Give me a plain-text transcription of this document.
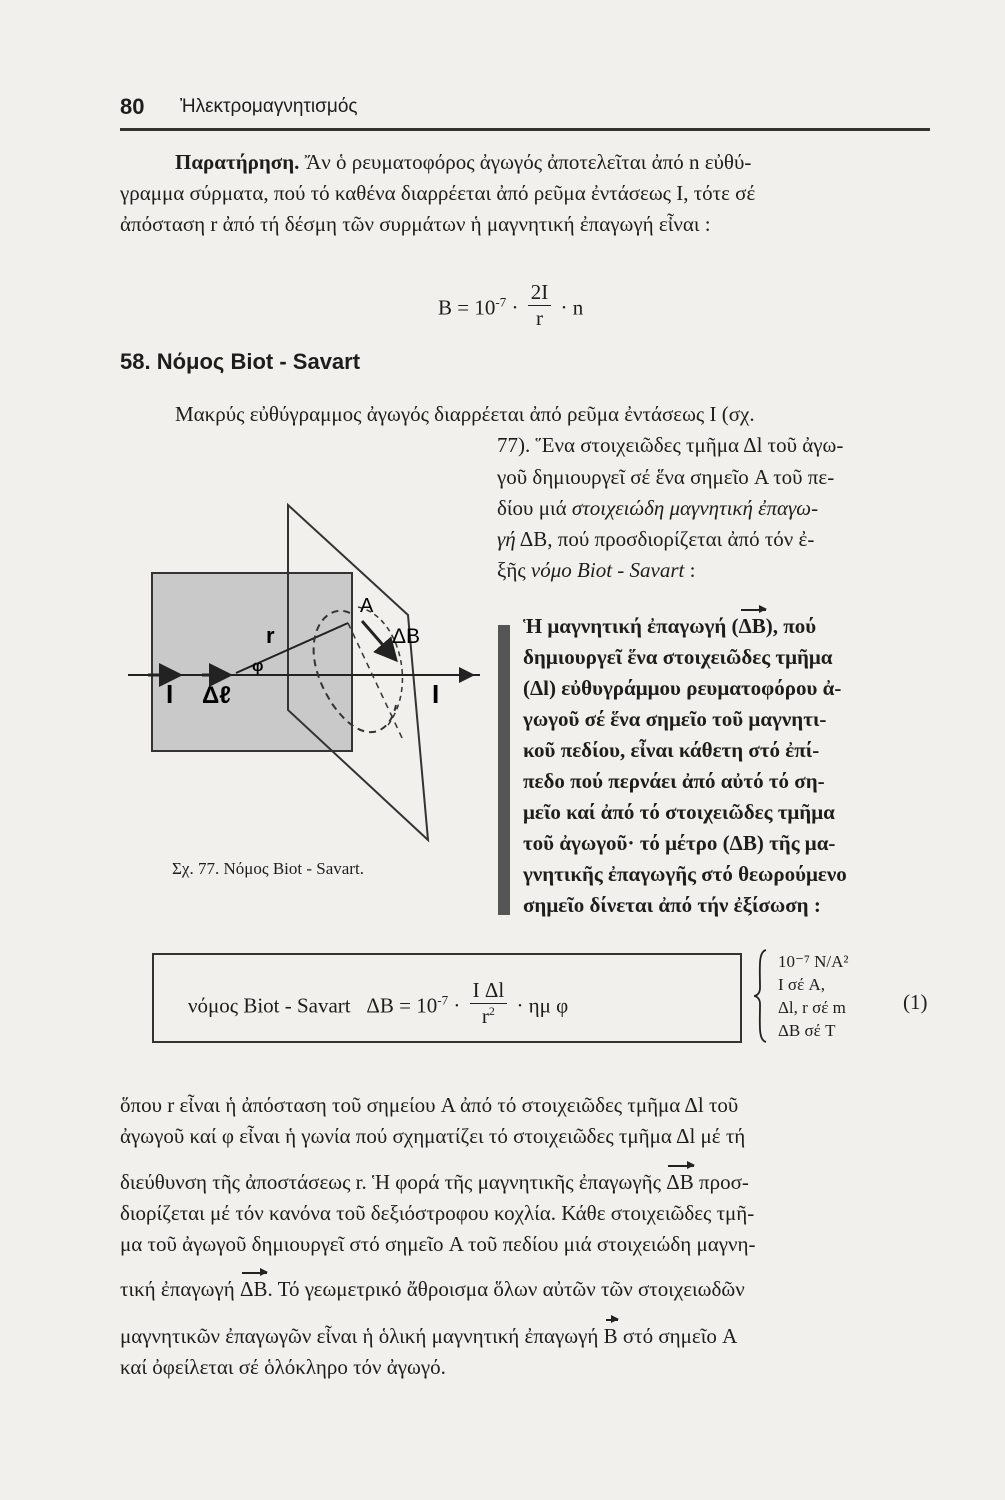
80 Ἠλεκτρομαγνητισμός
Παρατήρηση. Ἄν ὁ ρευματοφόρος ἀγωγός ἀποτελεῖται ἀπό n εὐθύ-
γραμμα σύρματα, πού τό καθένα διαρρέεται ἀπό ρεῦμα ἐντάσεως I, τότε σέ
ἀπόσταση r ἀπό τή δέσμη τῶν συρμάτων ἡ μαγνητική ἐπαγωγή εἶναι :
$B = 10^{-7} \cdot \frac{2I}{r} \cdot n$
58. Νόμος Biot - Savart
Μακρύς εὐθύγραμμος ἀγωγός διαρρέεται ἀπό ρεῦμα ἐντάσεως I (σχ.
77). Ἕνα στοιχειῶδες τμῆμα Δl τοῦ ἀγω-
γοῦ δημιουργεῖ σέ ἕνα σημεῖο A τοῦ πε-
δίου μιά στοιχειώδη μαγνητική ἐπαγω-
γή ΔB, πού προσδιορίζεται ἀπό τόν ἐ-
ξῆς νόμο Biot - Savart :
Ἡ μαγνητική ἐπαγωγή (ΔB), πού
δημιουργεῖ ἕνα στοιχειῶδες τμῆμα
(Δl) εὐθυγράμμου ρευματοφόρου ἀ-
γωγοῦ σέ ἕνα σημεῖο τοῦ μαγνητι-
κοῦ πεδίου, εἶναι κάθετη στό ἐπί-
πεδο πού περνάει ἀπό αὐτό τό ση-
μεῖο καί ἀπό τό στοιχειῶδες τμῆμα
τοῦ ἀγωγοῦ· τό μέτρο (ΔB) τῆς μα-
γνητικῆς ἐπαγωγῆς στό θεωρούμενο
σημεῖο δίνεται ἀπό τήν ἐξίσωση :
r
A
ΔB
φ
I Δℓ	I
Σχ. 77. Νόμος Biot - Savart.
νόμος Biot - Savart $\Delta B = 10^{-7} \cdot \frac{\text{I Δl}}{r^2} \cdot \eta\mu$ φ
10⁻⁷ N/A²
I σέ A,
Δl, r σέ m
ΔB σέ T
(1)
ὅπου r εἶναι ἡ ἀπόσταση τοῦ σημείου A ἀπό τό στοιχειῶδες τμῆμα Δl τοῦ
ἀγωγοῦ καί φ εἶναι ἡ γωνία πού σχηματίζει τό στοιχειῶδες τμῆμα Δl μέ τή
διεύθυνση τῆς ἀποστάσεως r. Ἡ φορά τῆς μαγνητικῆς ἐπαγωγῆς ΔB προσ-
διορίζεται μέ τόν κανόνα τοῦ δεξιόστροφου κοχλία. Κάθε στοιχειῶδες τμῆ-
μα τοῦ ἀγωγοῦ δημιουργεῖ στό σημεῖο A τοῦ πεδίου μιά στοιχειώδη μαγνη-
τική ἐπαγωγή ΔB. Τό γεωμετρικό ἄθροισμα ὅλων αὐτῶν τῶν στοιχειωδῶν
μαγνητικῶν ἐπαγωγῶν εἶναι ἡ ὁλική μαγνητική ἐπαγωγή B στό σημεῖο A
καί ὀφείλεται σέ ὁλόκληρο τόν ἀγωγό.
